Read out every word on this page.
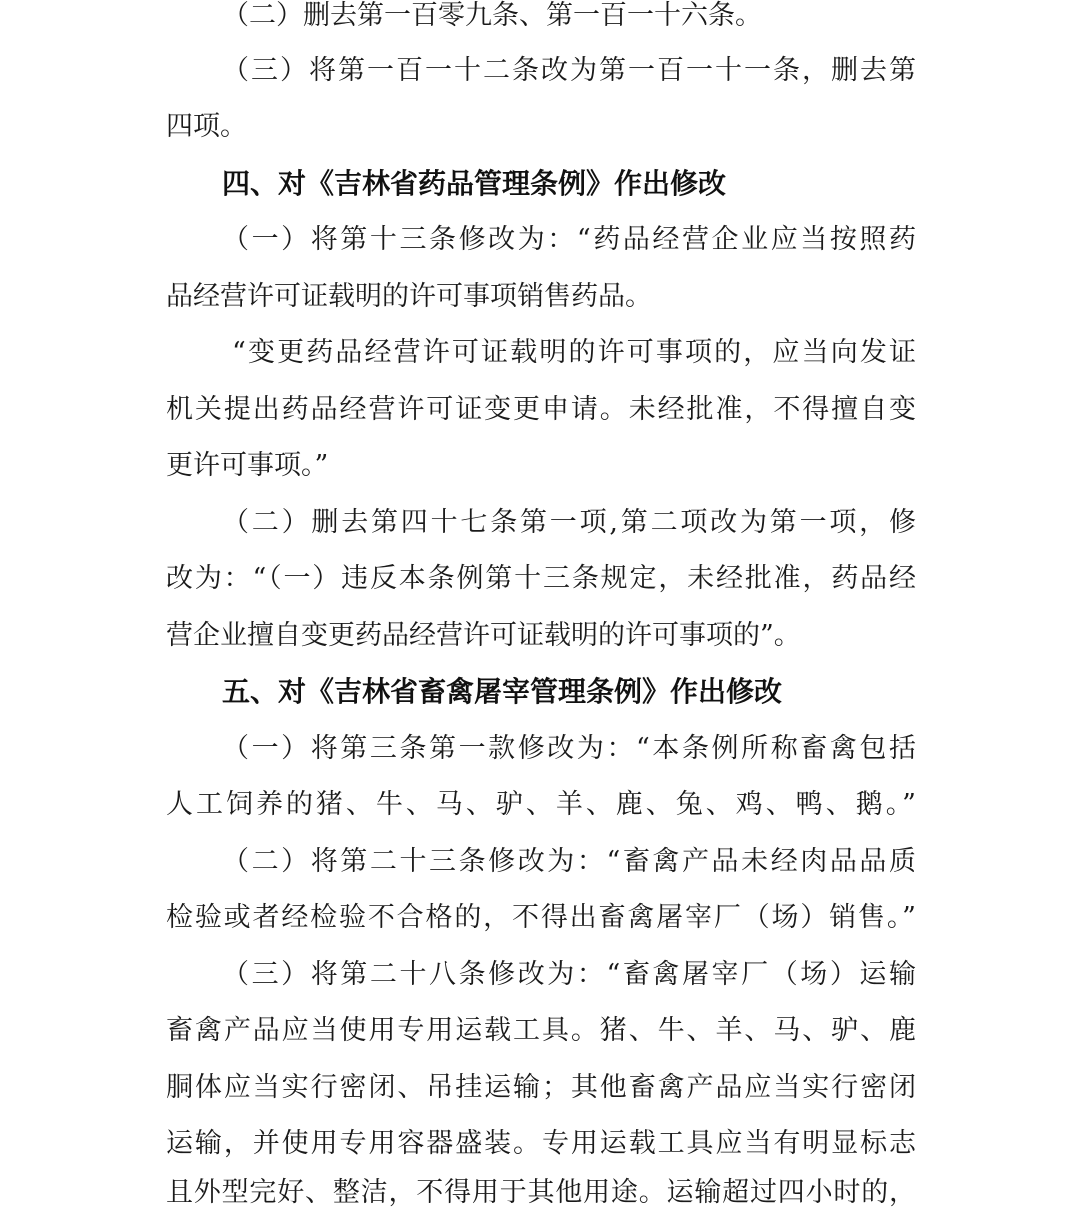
（二）删去第一百零九条、第一百一十六条。
（三）将第一百一十二条改为第一百一十一条，删去第
四项。
四、对《吉林省药品管理条例》作出修改
（一）将第十三条修改为：“药品经营企业应当按照药
品经营许可证载明的许可事项销售药品。
“变更药品经营许可证载明的许可事项的，应当向发证
机关提出药品经营许可证变更申请。未经批准，不得擅自变
更许可事项。”
（二）删去第四十七条第一项,第二项改为第一项，修
改为：“（一）违反本条例第十三条规定，未经批准，药品经
营企业擅自变更药品经营许可证载明的许可事项的”。
五、对《吉林省畜禽屠宰管理条例》作出修改
（一）将第三条第一款修改为：“本条例所称畜禽包括
人工饲养的猪、牛、马、驴、羊、鹿、兔、鸡、鸭、鹅。”
（二）将第二十三条修改为：“畜禽产品未经肉品品质
检验或者经检验不合格的，不得出畜禽屠宰厂（场）销售。”
（三）将第二十八条修改为：“畜禽屠宰厂（场）运输
畜禽产品应当使用专用运载工具。猪、牛、羊、马、驴、鹿
胴体应当实行密闭、吊挂运输；其他畜禽产品应当实行密闭
运输，并使用专用容器盛装。专用运载工具应当有明显标志
且外型完好、整洁，不得用于其他用途。运输超过四小时的，
